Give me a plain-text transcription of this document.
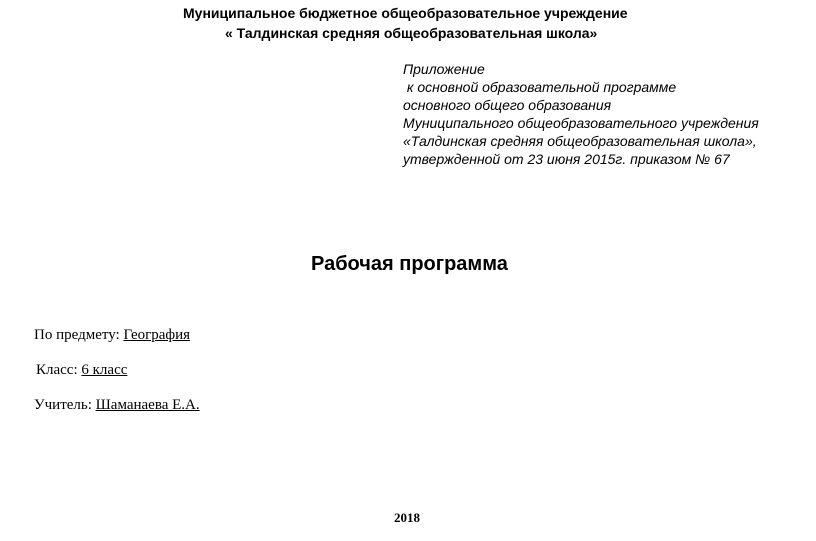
Муниципальное бюджетное общеобразовательное учреждение
« Талдинская средняя общеобразовательная школа»
Приложение
к основной образовательной программе
основного общего образования
Муниципального общеобразовательного учреждения
«Талдинская средняя общеобразовательная школа»,
утвержденной от 23 июня 2015г. приказом № 67
Рабочая программа
По предмету: География
Класс: 6 класс
Учитель: Шаманаева Е.А.
2018
